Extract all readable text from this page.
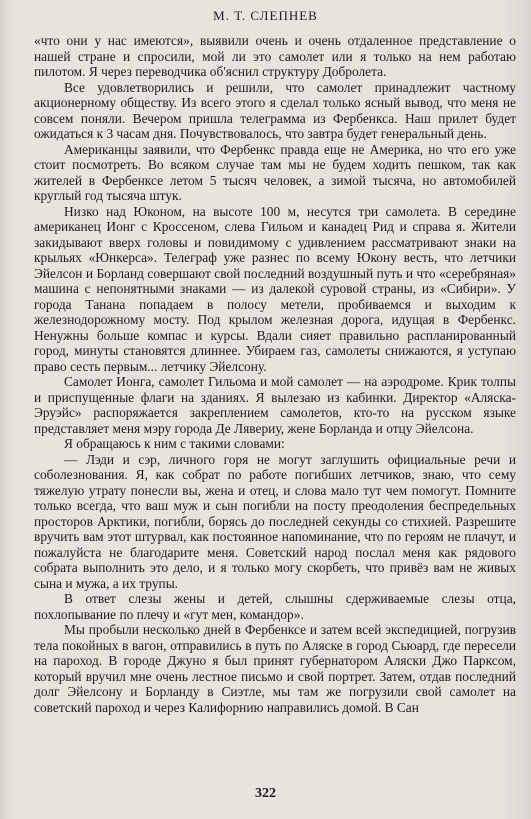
М. Т. СЛЕПНЕВ

«что они у нас имеются», выявили очень и очень отдаленное представление о нашей стране и спросили, мой ли это самолет или я только на нем работаю пилотом. Я через переводчика об'яснил структуру Добролета.

Все удовлетворились и решили, что самолет принадлежит частному акционерному обществу. Из всего этого я сделал только ясный вывод, что меня не совсем поняли. Вечером пришла телеграмма из Фербенкса. Наш прилет будет ожидаться к 3 часам дня. Почувствовалось, что завтра будет генеральный день.

Американцы заявили, что Фербенкс правда еще не Америка, но что его уже стоит посмотреть. Во всяком случае там мы не будем ходить пешком, так как жителей в Фербенксе летом 5 тысяч человек, а зимой тысяча, но автомобилей круглый год тысяча штук.

Низко над Юконом, на высоте 100 м, несутся три самолета. В середине американец Ионг с Кроссеном, слева Гильом и канадец Рид и справа я. Жители закидывают вверх головы и повидимому с удивлением рассматривают знаки на крыльях «Юнкерса». Телеграф уже разнес по всему Юкону весть, что летчики Эйелсон и Борланд совершают свой последний воздушный путь и что «серебряная» машина с непонятными знаками — из далекой суровой страны, из «Сибири». У города Танана попадаем в полосу метели, пробиваемся и выходим к железнодорожному мосту. Под крылом железная дорога, идущая в Фербенкс. Ненужны больше компас и курсы. Вдали сияет правильно распланированный город, минуты становятся длиннее. Убираем газ, самолеты снижаются, я уступаю право сесть первым... летчику Эйелсону.

Самолет Ионга, самолет Гильома и мой самолет — на аэродроме. Крик толпы и приспущенные флаги на зданиях. Я вылезаю из кабинки. Директор «Аляска-Эруэйс» распоряжается закреплением самолетов, кто-то на русском языке представляет меня мэру города Де Лявериу, жене Борланда и отцу Эйелсона.

Я обращаюсь к ним с такими словами:

— Лэди и сэр, личного горя не могут заглушить официальные речи и соболезнования. Я, как собрат по работе погибших летчиков, знаю, что сему тяжелую утрату понесли вы, жена и отец, и слова мало тут чем помогут. Помните только всегда, что ваш муж и сын погибли на посту преодоления беспредельных просторов Арктики, погибли, борясь до последней секунды со стихией. Разрешите вручить вам этот штурвал, как постоянное напоминание, что по героям не плачут, и пожалуйста не благодарите меня. Советский народ послал меня как рядового собрата выполнить это дело, и я только могу скорбеть, что привёз вам не живых сына и мужа, а их трупы.

В ответ слезы жены и детей, слышны сдерживаемые слезы отца, похлопывание по плечу и «гут мен, командор».

Мы пробыли несколько дней в Фербенксе и затем всей экспедицией, погрузив тела покойных в вагон, отправились в путь по Аляске в город Сьюард, где пересели на пароход. В городе Джуно я был принят губернатором Аляски Джо Парксом, который вручил мне очень лестное письмо и свой портрет. Затем, отдав последний долг Эйелсону и Борланду в Сиэтле, мы там же погрузили свой самолет на советский пароход и через Калифорнию направились домой. В Сан

322
